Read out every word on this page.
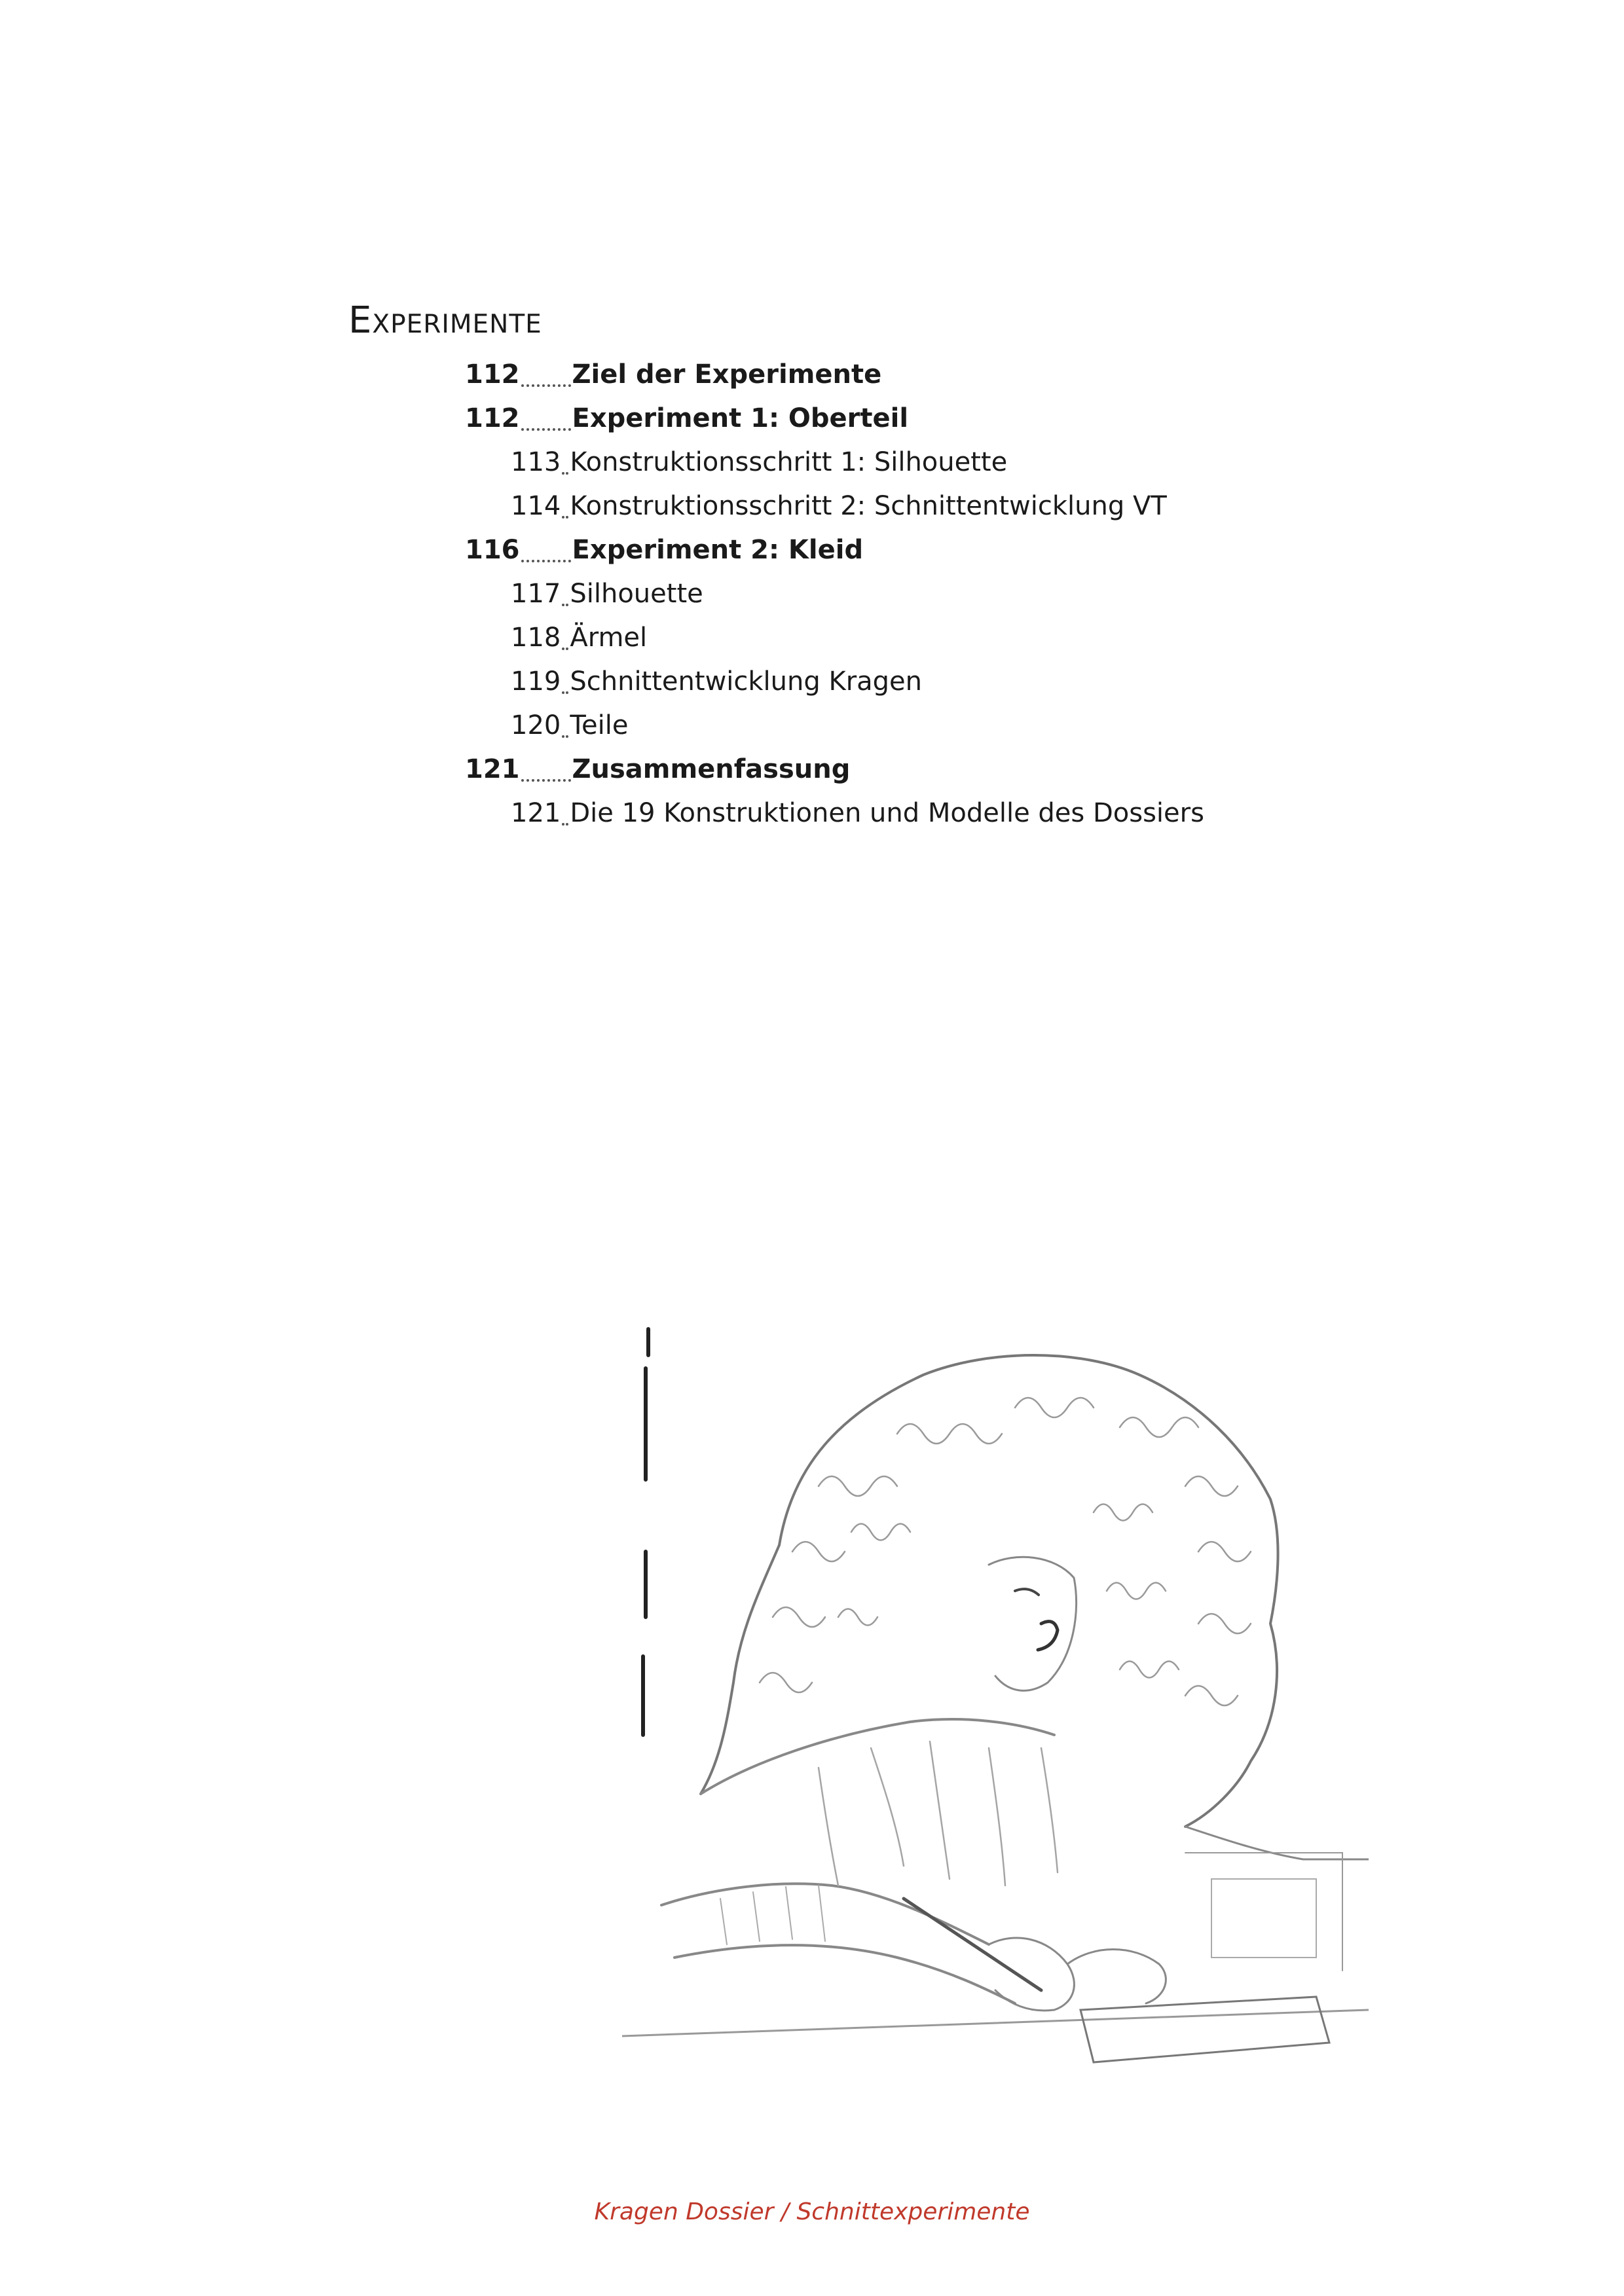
Experimente
112 Ziel der Experimente
112 Experiment 1: Oberteil
113 Konstruktionsschritt 1: Silhouette
114 Konstruktionsschritt 2: Schnittentwicklung VT
116 Experiment 2: Kleid
117 Silhouette
118 Ärmel
119 Schnittentwicklung Kragen
120 Teile
121 Zusammenfassung
121 Die 19 Konstruktionen und Modelle des Dossiers
Kragen Dossier / Schnittexperimente
